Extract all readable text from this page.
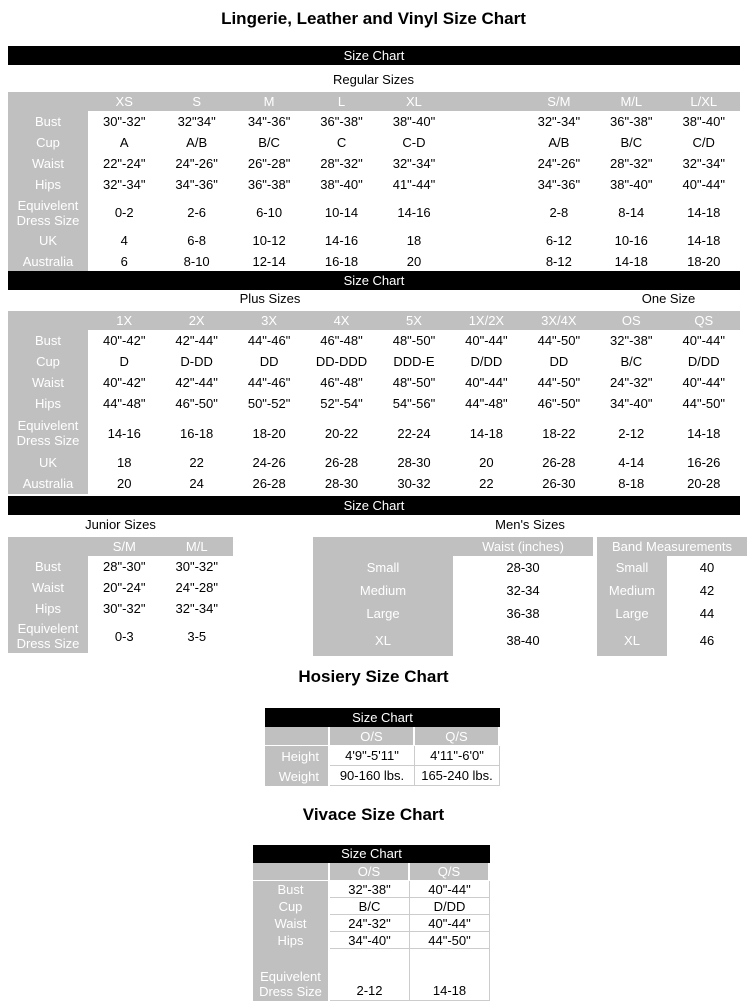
Lingerie, Leather and Vinyl Size Chart
Size Chart
Regular Sizes
	XS	S	M	L	XL		S/M	M/L	L/XL
Bust	30"-32"	32"34"	34"-36"	36"-38"	38"-40"		32"-34"	36"-38"	38"-40"
Cup	A	A/B	B/C	C	C-D		A/B	B/C	C/D
Waist	22"-24"	24"-26"	26"-28"	28"-32"	32"-34"		24"-26"	28"-32"	32"-34"
Hips	32"-34"	34"-36"	36"-38"	38"-40"	41"-44"		34"-36"	38"-40"	40"-44"
Equivelent Dress Size	0-2	2-6	6-10	10-14	14-16		2-8	8-14	14-18
UK	4	6-8	10-12	14-16	18		6-12	10-16	14-18
Australia	6	8-10	12-14	16-18	20		8-12	14-18	18-20
Size Chart
Plus Sizes	One Size
	1X	2X	3X	4X	5X	1X/2X	3X/4X	OS	QS
Bust	40"-42"	42"-44"	44"-46"	46"-48"	48"-50"	40"-44"	44"-50"	32"-38"	40"-44"
Cup	D	D-DD	DD	DD-DDD	DDD-E	D/DD	DD	B/C	D/DD
Waist	40"-42"	42"-44"	44"-46"	46"-48"	48"-50"	40"-44"	44"-50"	24"-32"	40"-44"
Hips	44"-48"	46"-50"	50"-52"	52"-54"	54"-56"	44"-48"	46"-50"	34"-40"	44"-50"
Equivelent Dress Size	14-16	16-18	18-20	20-22	22-24	14-18	18-22	2-12	14-18
UK	18	22	24-26	26-28	28-30	20	26-28	4-14	16-26
Australia	20	24	26-28	28-30	30-32	22	26-30	8-18	20-28
Size Chart
Junior Sizes	Men's Sizes
	S/M	M/L
Bust	28"-30"	30"-32"
Waist	20"-24"	24"-28"
Hips	30"-32"	32"-34"
Equivelent Dress Size	0-3	3-5
	Waist (inches)
Small	28-30
Medium	32-34
Large	36-38
XL	38-40
Band Measurements
Small	40
Medium	42
Large	44
XL	46
Hosiery Size Chart
Size Chart
	O/S	Q/S
Height	4'9"-5'11"	4'11"-6'0"
Weight	90-160 lbs.	165-240 lbs.
Vivace Size Chart
Size Chart
	O/S	Q/S
Bust	32"-38"	40"-44"
Cup	B/C	D/DD
Waist	24"-32"	40"-44"
Hips	34"-40"	44"-50"
Equivelent Dress Size	2-12	14-18
